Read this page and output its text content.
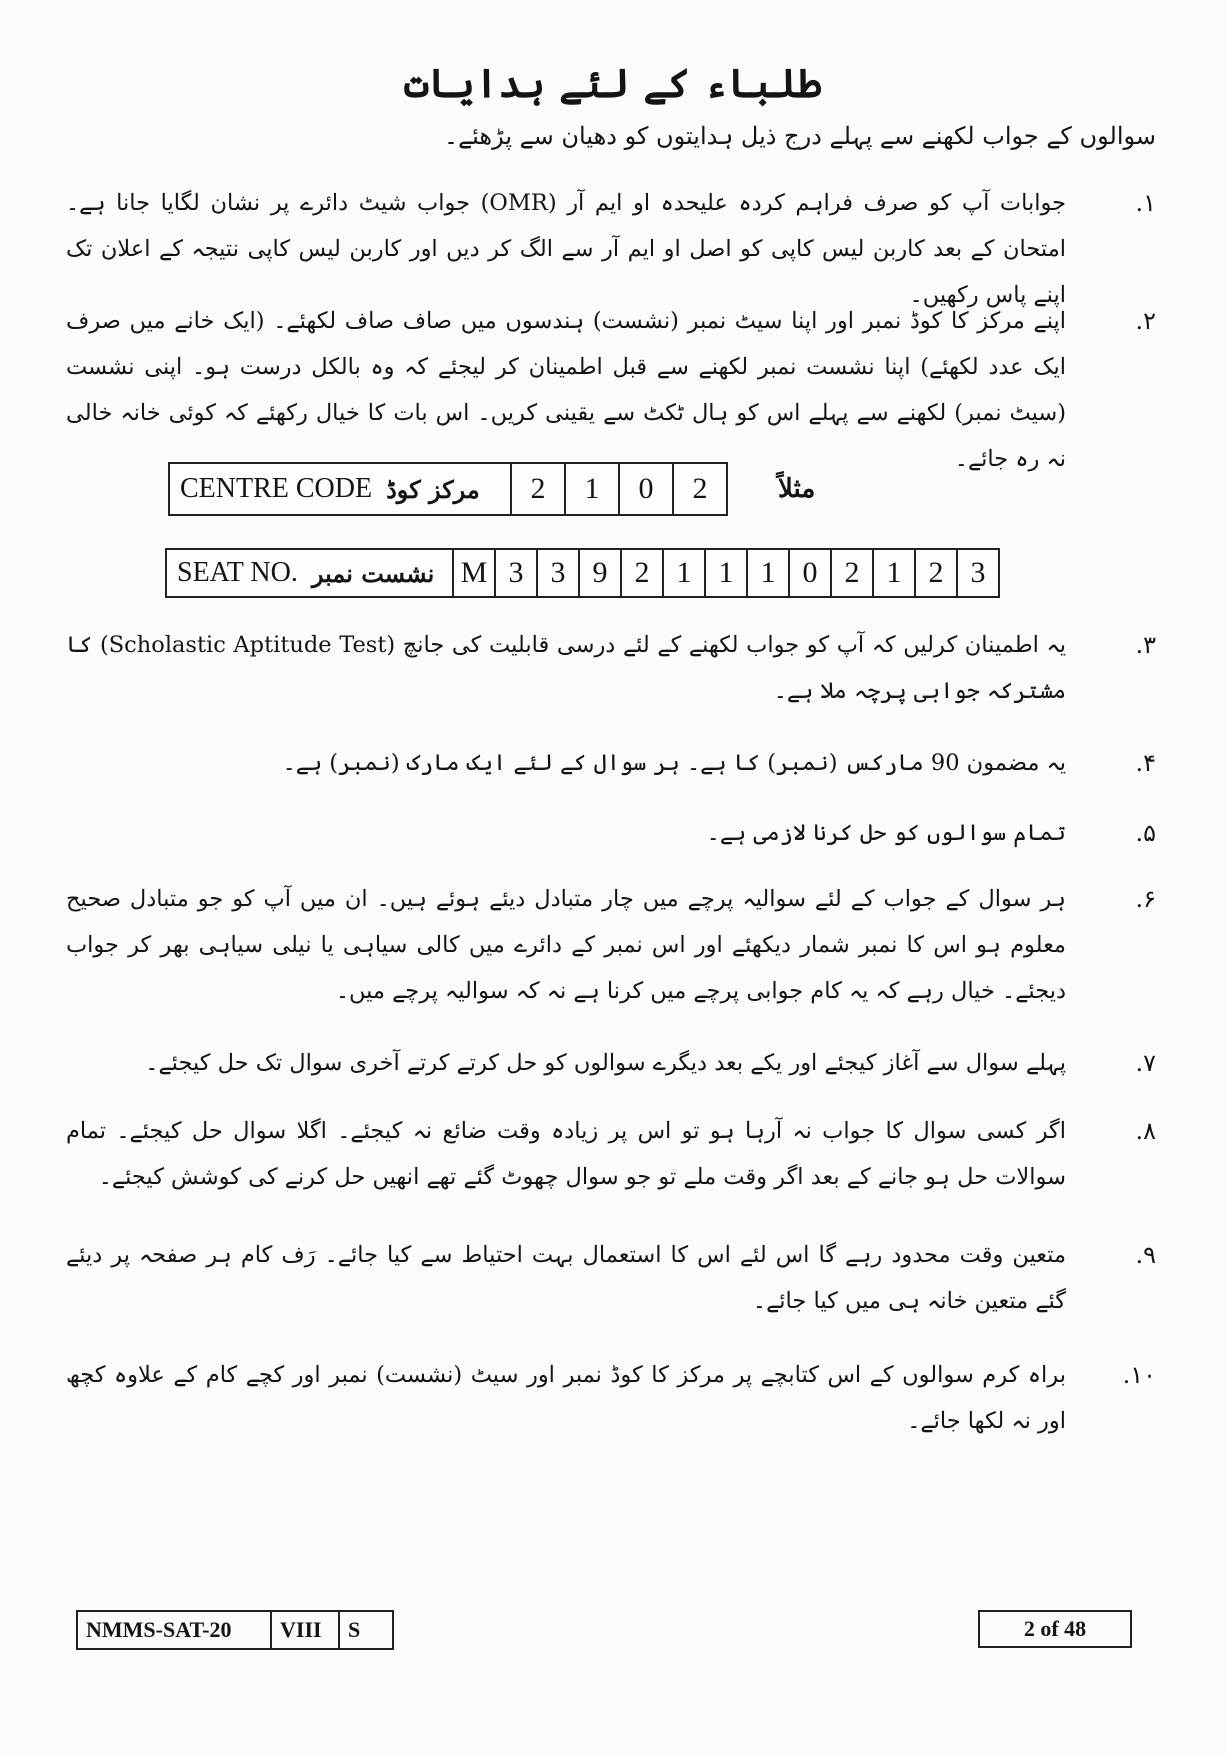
طلباء کے لئے ہدایات
سوالوں کے جواب لکھنے سے پہلے درج ذیل ہدایتوں کو دھیان سے پڑھئے۔
۱.
جوابات آپ کو صرف فراہم کردہ علیحدہ او ایم آر (OMR) جواب شیٹ دائرے پر نشان لگایا جانا ہے۔ امتحان کے بعد کاربن لیس کاپی کو اصل او ایم آر سے الگ کر دیں اور کاربن لیس کاپی نتیجہ کے اعلان تک اپنے پاس رکھیں۔
۲.
اپنے مرکز کا کوڈ نمبر اور اپنا سیٹ نمبر (نشست) ہندسوں میں صاف صاف لکھئے۔ (ایک خانے میں صرف ایک عدد لکھئے) اپنا نشست نمبر لکھنے سے قبل اطمینان کر لیجئے کہ وہ بالکل درست ہو۔ اپنی نشست (سیٹ نمبر) لکھنے سے پہلے اس کو ہال ٹکٹ سے یقینی کریں۔ اس بات کا خیال رکھئے کہ کوئی خانہ خالی نہ رہ جائے۔
CENTRE CODE مرکز کوڈ	2	1	0	2	مثلاً
SEAT NO. نشست نمبر M 3 3 9 2 1 1 1 0 2 1 2 3
۳.
یہ اطمینان کرلیں کہ آپ کو جواب لکھنے کے لئے درسی قابلیت کی جانچ (Scholastic Aptitude Test) کا مشترکہ جوابی پرچہ ملا ہے۔
۴.
یہ مضمون 90 مارکس (نمبر) کا ہے۔ ہر سوال کے لئے ایک مارک (نمبر) ہے۔
۵.
تمام سوالوں کو حل کرنا لازمی ہے۔
۶.
ہر سوال کے جواب کے لئے سوالیہ پرچے میں چار متبادل دیئے ہوئے ہیں۔ ان میں آپ کو جو متبادل صحیح معلوم ہو اس کا نمبر شمار دیکھئے اور اس نمبر کے دائرے میں کالی سیاہی یا نیلی سیاہی بھر کر جواب دیجئے۔ خیال رہے کہ یہ کام جوابی پرچے میں کرنا ہے نہ کہ سوالیہ پرچے میں۔
۷.
پہلے سوال سے آغاز کیجئے اور یکے بعد دیگرے سوالوں کو حل کرتے کرتے آخری سوال تک حل کیجئے۔
۸.
اگر کسی سوال کا جواب نہ آرہا ہو تو اس پر زیادہ وقت ضائع نہ کیجئے۔ اگلا سوال حل کیجئے۔ تمام سوالات حل ہو جانے کے بعد اگر وقت ملے تو جو سوال چھوٹ گئے تھے انھیں حل کرنے کی کوشش کیجئے۔
۹.
متعین وقت محدود رہے گا اس لئے اس کا استعمال بہت احتیاط سے کیا جائے۔ رَف کام ہر صفحہ پر دیئے گئے متعین خانہ ہی میں کیا جائے۔
۱۰.
براہ کرم سوالوں کے اس کتابچے پر مرکز کا کوڈ نمبر اور سیٹ (نشست) نمبر اور کچے کام کے علاوہ کچھ اور نہ لکھا جائے۔
NMMS-SAT-20	VIII	S	2 of 48
